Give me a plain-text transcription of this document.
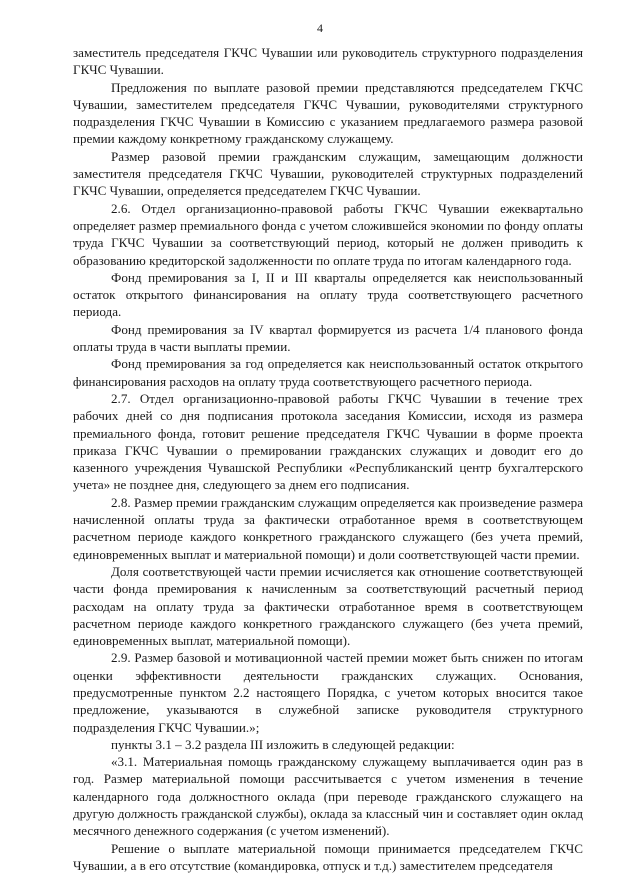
4

заместитель председателя ГКЧС Чувашии или руководитель структурного подразделения ГКЧС Чувашии.

Предложения по выплате разовой премии представляются председателем ГКЧС Чувашии, заместителем председателя ГКЧС Чувашии, руководителями структурного подразделения ГКЧС Чувашии в Комиссию с указанием предлагаемого размера разовой премии каждому конкретному гражданскому служащему.

Размер разовой премии гражданским служащим, замещающим должности заместителя председателя ГКЧС Чувашии, руководителей структурных подразделений ГКЧС Чувашии, определяется председателем ГКЧС Чувашии.

2.6. Отдел организационно-правовой работы ГКЧС Чувашии ежеквартально определяет размер премиального фонда с учетом сложившейся экономии по фонду оплаты труда ГКЧС Чувашии за соответствующий период, который не должен приводить к образованию кредиторской задолженности по оплате труда по итогам календарного года.

Фонд премирования за I, II и III кварталы определяется как неиспользованный остаток открытого финансирования на оплату труда соответствующего расчетного периода.

Фонд премирования за IV квартал формируется из расчета 1/4 планового фонда оплаты труда в части выплаты премии.

Фонд премирования за год определяется как неиспользованный остаток открытого финансирования расходов на оплату труда соответствующего расчетного периода.

2.7. Отдел организационно-правовой работы ГКЧС Чувашии в течение трех рабочих дней со дня подписания протокола заседания Комиссии, исходя из размера премиального фонда, готовит решение председателя ГКЧС Чувашии в форме проекта приказа ГКЧС Чувашии о премировании гражданских служащих и доводит его до казенного учреждения Чувашской Республики «Республиканский центр бухгалтерского учета» не позднее дня, следующего за днем его подписания.

2.8. Размер премии гражданским служащим определяется как произведение размера начисленной оплаты труда за фактически отработанное время в соответствующем расчетном периоде каждого конкретного гражданского служащего (без учета премий, единовременных выплат и материальной помощи) и доли соответствующей части премии.

Доля соответствующей части премии исчисляется как отношение соответствующей части фонда премирования к начисленным за соответствующий расчетный период расходам на оплату труда за фактически отработанное время в соответствующем расчетном периоде каждого конкретного гражданского служащего (без учета премий, единовременных выплат, материальной помощи).

2.9. Размер базовой и мотивационной частей премии может быть снижен по итогам оценки эффективности деятельности гражданских служащих. Основания, предусмотренные пунктом 2.2 настоящего Порядка, с учетом которых вносится такое предложение, указываются в служебной записке руководителя структурного подразделения ГКЧС Чувашии.»;

пункты 3.1 – 3.2 раздела III изложить в следующей редакции:

«3.1. Материальная помощь гражданскому служащему выплачивается один раз в год. Размер материальной помощи рассчитывается с учетом изменения в течение календарного года должностного оклада (при переводе гражданского служащего на другую должность гражданской службы), оклада за классный чин и составляет один оклад месячного денежного содержания (с учетом изменений).

Решение о выплате материальной помощи принимается председателем ГКЧС Чувашии, а в его отсутствие (командировка, отпуск и т.д.) заместителем председателя
